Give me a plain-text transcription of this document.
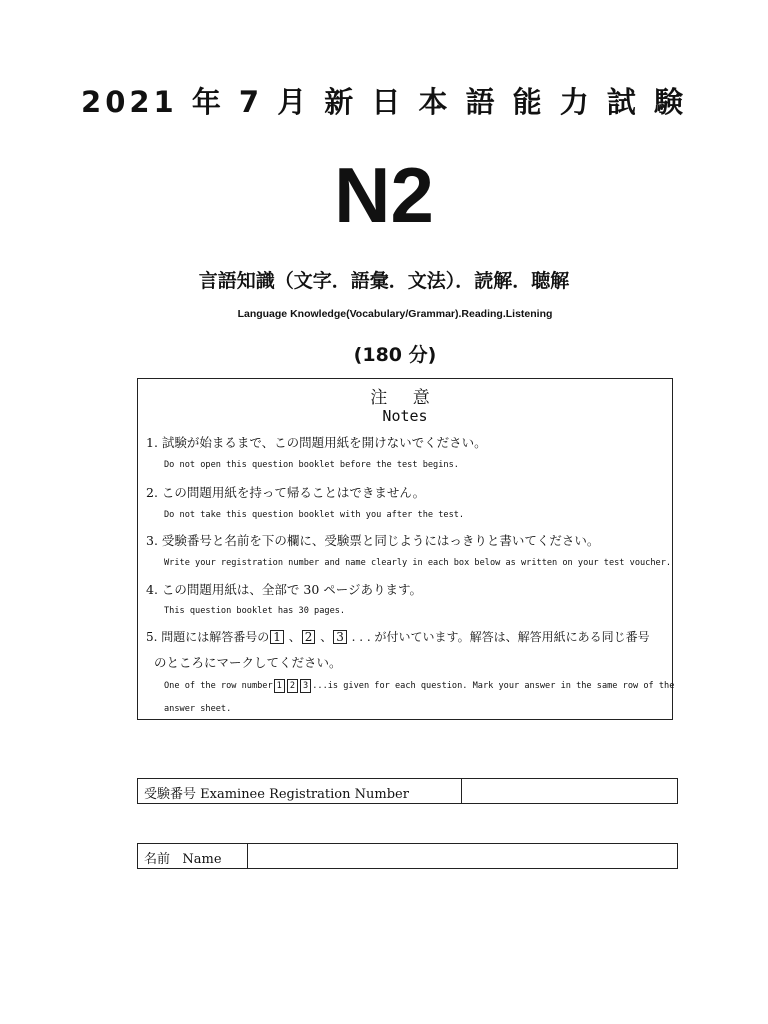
2021 年 7 月 新 日 本 語 能 力 試 験
N2
言語知識（文字．語彙．文法）．読解．聴解
Language Knowledge(Vocabulary/Grammar).Reading.Listening
(180 分)
注 意
Notes
1. 試験が始まるまで、この問題用紙を開けないでください。
Do not open this question booklet before the test begins.
2. この問題用紙を持って帰ることはできません。
Do not take this question booklet with you after the test.
3. 受験番号と名前を下の欄に、受験票と同じようにはっきりと書いてください。
Write your registration number and name clearly in each box below as written on your test voucher.
4. この問題用紙は、全部で 30 ページあります。
This question booklet has 30 pages.
5. 問題には解答番号の 1 、 2 、 3 . . . が付いています。解答は、解答用紙にある同じ番号
のところにマークしてください。
One of the row number 1 2 3 ...is given for each question. Mark your answer in the same row of the
answer sheet.
受験番号 Examinee Registration Number
名前   Name
